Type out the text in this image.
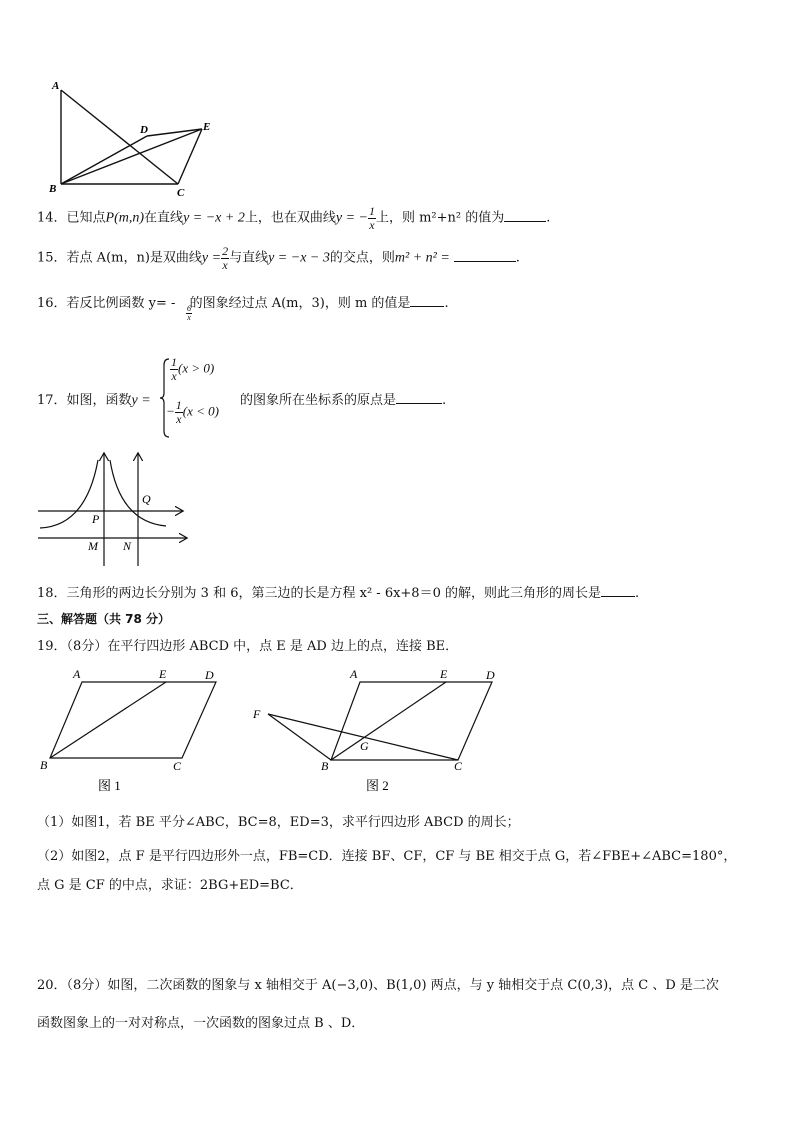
A
B	C
D	E
14．已知点P(m,n)在直线y = −x + 2上，也在双曲线y = − $\frac{1}{x}$ 上，则 m²+n² 的值为	.
15．若点 A(m，n)是双曲线$y = \frac{2}{x}$ 与直线y = −x − 3的交点，则m² + n² =	.
16．若反比例函数 y= - 的图象经过点 A(m，3)，则 m 的值是	.
$\frac{6}{x}$
17．如图，函数y =
$\frac{1}{x} (x > 0)$
− $\frac{1}{x} (x < 0)$
的图象所在坐标系的原点是	.
Q
P
M N
18．三角形的两边长分别为 3 和 6，第三边的长是方程 x² - 6x+8＝0 的解，则此三角形的周长是	.
三、解答题（共 78 分）
19．（8分）在平行四边形 ABCD 中，点 E 是 AD 边上的点，连接 BE．
A	E	D
B	C
图 1
A	E	D
F
G
B	C
图 2
（1）如图1，若 BE 平分∠ABC，BC=8，ED=3，求平行四边形 ABCD 的周长；
（2）如图2，点 F 是平行四边形外一点，FB=CD．连接 BF、CF，CF 与 BE 相交于点 G，若∠FBE+∠ABC=180°，
点 G 是 CF 的中点，求证：2BG+ED=BC．
20．（8分）如图，二次函数的图象与 x 轴相交于 A(−3,0)、B(1,0) 两点，与 y 轴相交于点 C(0,3)，点 C 、D 是二次
函数图象上的一对对称点，一次函数的图象过点 B 、D．
